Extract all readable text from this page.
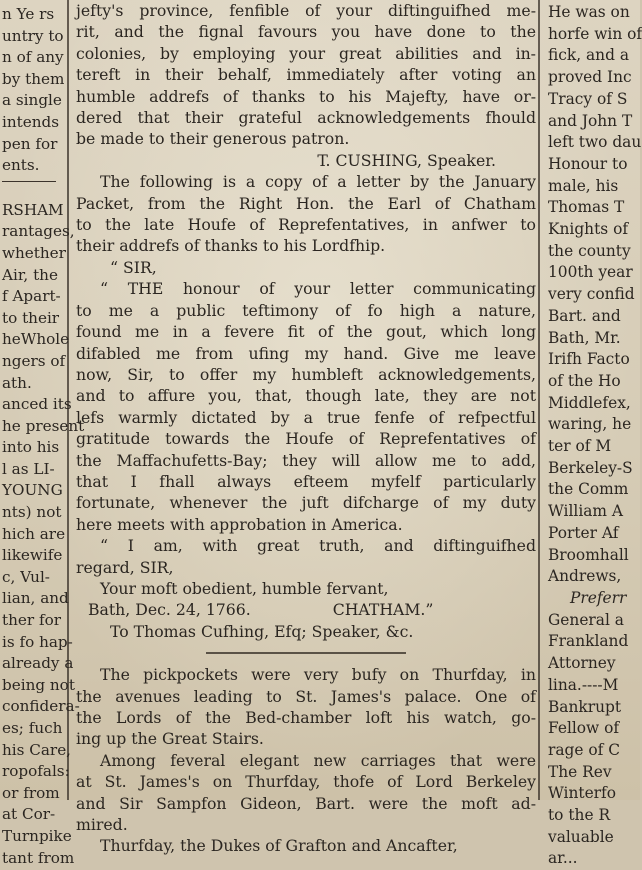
n Ye rs
untry to
n of any
by them
a single
intends
pen for
ents.
RSHAM
rantages,
whether
Air, the
f Apart-
to their
heWhole
ngers of
ath.
anced its
he present
into his
l as LI-
YOUNG
nts) not
hich are
likewife
c, Vul-
lian, and
ther for
is fo hap-
already a
being not
confidera-
es; fuch
his Care,
ropofals:
or from
at Cor-
Turnpike
tant from
jefty's province, fenfible of your diftinguifhed me-
rit, and the fignal favours you have done to the
colonies, by employing your great abilities and in-
tereft in their behalf, immediately after voting an
humble addrefs of thanks to his Majefty, have or-
dered that their grateful acknowledgements fhould
be made to their generous patron.
T. CUSHING, Speaker.
The following is a copy of a letter by the January
Packet, from the Right Hon. the Earl of Chatham
to the late Houfe of Reprefentatives, in anfwer to
their addrefs of thanks to his Lordfhip.
“ SIR,
“ THE honour of your letter communicating
to me a public teftimony of fo high a nature,
found me in a fevere fit of the gout, which long
difabled me from ufing my hand. Give me leave
now, Sir, to offer my humbleft acknowledgements,
and to affure you, that, though late, they are not
lefs warmly dictated by a true fenfe of refpectful
gratitude towards the Houfe of Reprefentatives of
the Maffachufetts-Bay; they will allow me to add,
that I fhall always efteem myfelf particularly
fortunate, whenever the juft difcharge of my duty
here meets with approbation in America.
“ I am, with great truth, and diftinguifhed
regard, SIR,
Your moft obedient, humble fervant,
Bath, Dec. 24, 1766.	CHATHAM.”
To Thomas Cufhing, Efq; Speaker, &c.
The pickpockets were very bufy on Thurfday, in
the avenues leading to St. James's palace. One of
the Lords of the Bed-chamber loft his watch, go-
ing up the Great Stairs.
Among feveral elegant new carriages that were
at St. James's on Thurfday, thofe of Lord Berkeley
and Sir Sampfon Gideon, Bart. were the moft ad-
mired.
Thurfday, the Dukes of Grafton and Ancafter,
He was on
horfe win of
fick, and a
proved Inc
Tracy of S
and John T
left two dau
Honour to
male, his
Thomas T
Knights of
the county
100th year
very confid
Bart. and
Bath, Mr.
Irifh Facto
of the Ho
Middlefex,
waring, he
ter of M
Berkeley-S
the Comm
William A
Porter Af
Broomhall
Andrews,
Preferr
General a
Frankland
Attorney
lina.----M
Bankrupt
Fellow of
rage of C
The Rev
Winterfo
to the R
valuable
ar...
